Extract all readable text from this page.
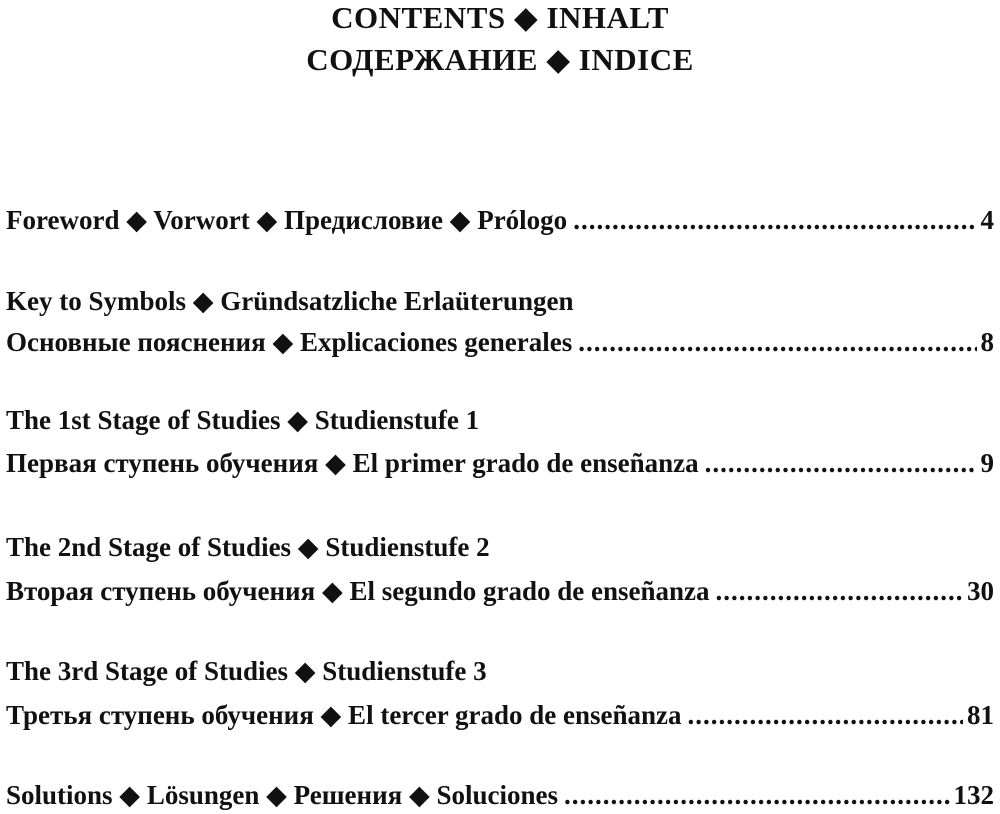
CONTENTS ◆ INHALT
СОДЕРЖАНИЕ ◆ INDICE
Foreword ◆ Vorwort ◆ Предисловие ◆ Prólogo .....	4
Key to Symbols ◆ Gründsatzliche Erlaüterungen
Основные пояснения ◆ Explicaciones generales .....	8
The 1st Stage of Studies ◆ Studienstufe 1
Первая ступень обучения ◆ El primer grado de enseñanza .....	9
The 2nd Stage of Studies ◆ Studienstufe 2
Вторая ступень обучения ◆ El segundo grado de enseñanza .....	30
The 3rd Stage of Studies ◆ Studienstufe 3
Третья ступень обучения ◆ El tercer grado de enseñanza .....	81
Solutions ◆ Lösungen ◆ Решения ◆ Soluciones .....	132
